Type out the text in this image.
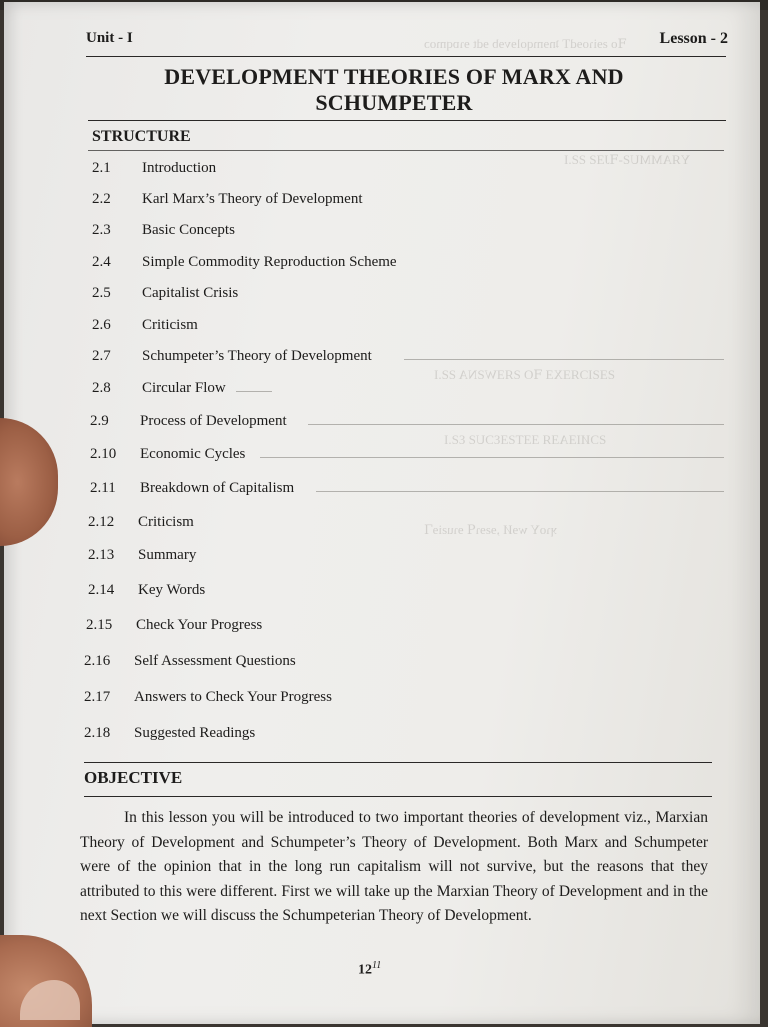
ꟻo ƨɘiɿoɘdT ʇnɘmqolɘvɘb ɘdt ɘɿɒqmoɔ
YЯAMMUƧ-ꟻJƎƧ ƧƧ.I
ƧƎƧIƆЯƎXƎ ꟻO ƧЯƎWƧNA ƧƧ.I
ƧƆИIƎAƎЯ ƎƎƬƧƎƐƆUƧ ƐƧ.I
ʞɿoY wɘИ ,ɘƨɘɿꟼ ɘɿuƨiɘꞀ
Unit - I	Lesson - 2
DEVELOPMENT THEORIES OF MARX AND
SCHUMPETER
STRUCTURE
2.1 Introduction
2.2 Karl Marx’s Theory of Development
2.3 Basic Concepts
2.4 Simple Commodity Reproduction Scheme
2.5 Capitalist Crisis
2.6 Criticism
2.7 Schumpeter’s Theory of Development
2.8 Circular Flow
2.9 Process of Development
2.10 Economic Cycles
2.11 Breakdown of Capitalism
2.12 Criticism
2.13 Summary
2.14 Key Words
2.15 Check Your Progress
2.16 Self Assessment Questions
2.17 Answers to Check Your Progress
2.18 Suggested Readings
OBJECTIVE
In this lesson you will be introduced to two important theories of development viz., Marxian Theory of Development and Schumpeter’s Theory of Development. Both Marx and Schumpeter were of the opinion that in the long run capitalism will not survive, but the reasons that they attributed to this were different. First we will take up the Marxian Theory of Development and in the next Section we will discuss the Schumpeterian Theory of Development.
$12^{11}$
